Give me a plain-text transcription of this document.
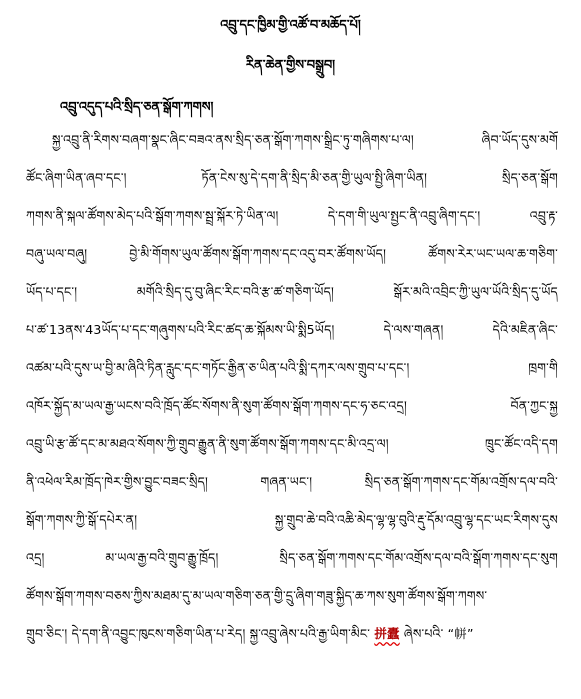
འབྲུ་དང་ཁྱིམ་གྱི་འཚོ་བ་མཆོད་པོ།
རིན་ཆེན་གྱིས་བསྒྲུབ།
འབྲུ་འདུད་པའི་སྲིད་ཅན་སྒོག་ཀགས།
སྐྱ་འབྲུ་ནི་རིགས་བཞག་སྣང་ཞིང་བཟའ་ནས་སྲིད་ཅན་སྒོག་ཀགས་སྒྲིང་ཏུ་གཞིགས་པ་ལ། ཞིབ་ཡོད་དུས་མགོ
ཚོང་ཞིག་ཡིན་ཞབ་དང་། ཏོན་ངེས་སུ་དེ་དག་ནི་སྲིད་མི་ཅན་གྱི་ཡུལ་སྤྱི་ཞིག་ཡིན། སྲིད་ཅན་སྒོག
ཀགས་ནི་སྐལ་ཚོགས་མེད་པའི་སྒོག་ཀགས་སྦྲ་སྐོར་ཏེ་ཡིན་ལ། དེ་དག་གི་ཡུལ་སྤྱང་ནི་འབྲུ་ཞིག་དང་། འབྲུ་རྟ་
བཞུ་ཡལ་བཞུ། བྱེ་མི་གོགས་ཡུལ་ཚོགས་སྒོག་ཀགས་དང་འདུ་བར་ཚོགས་ཡོད། ཚོགས་རེར་ཡང་ཡལ་ཆ་གཅིག་
ཡོད་པ་དང་། མགོའི་སྲིད་དུ་བུ་ཞིང་རིང་བའི་རྩ་ཚ་གཅིག་ཡོད། སྒོར་མའི་འབྲིང་ཀྱི་ཡུལ་ཡོའི་སྲིད་དུ་ཡོད
པ་ཚ་13ནས་43ཡོད་པ་དང་གཞུགས་པའི་རིང་ཚད་ཆ་སྐོམས་ཡི་སྨི5ཡོད། དེ་ལས་གཞན། དེའི་མཇིན་ཞིང་
འཚམ་པའི་དུས་ཡ་བྱི་མ་ཞིའི་ཏིན་རླུང་དང་གཏོང་རྒྱིན་ཅ་ཡིན་པའི་སྨི་དཀར་ལས་གྲུབ་པ་དང་། ཁྲག་གི
འཁོར་སྐྱོད་མ་ཡལ་རྒྱ་ཡངས་བའི་ཁྲོད་ཚོང་སོགས་ནི་སུག་ཚོགས་སྒོག་ཀགས་དང་ཧ་ཅང་འདྲ། བོན་ཀྱང་སྐྱ
འབྲུ་ཡི་རྩ་ཚོ་དང་མ་མཐའ་སོགས་ཀྱི་གྲུབ་རྒྱུན་ནི་སུག་ཚོགས་སྒོག་ཀགས་དང་མི་འདྲ་ལ། ཁྲུང་ཚོང་འདི་དག
ནི་འཕེལ་རིམ་ཁྲོད་ཁེར་གྱིས་བྱུང་བཟང་སྲིད། གཞན་ཡང་། སྲིད་ཅན་སྒོག་ཀགས་དང་གོམ་འགྲོས་དལ་བའི་
སྒོག་ཀགས་ཀྱི་སྒོ་དཔེར་ན། སྐྱ་གྲུབ་ཆེ་བའི་འཆི་མེད་ལྷ་ལྷ་བུའི་རྡུ་དོམ་འབྲུ་ལྷ་དང་ཡང་རིགས་དུས
འདྲ། མ་ཡལ་རྒྱ་བའི་གྲུབ་རྒྱུ་ཁྲོད། སྲིད་ཅན་སྒོག་ཀགས་དང་གོམ་འགྲོས་དལ་བའི་སྒོག་ཀགས་དང་སུག
ཚོགས་སྒོག་ཀགས་བཅས་ཀྱིས་མཐམ་དུ་མ་ཡལ་གཅིག་ཅན་གྱི་དྲུ་ཞིག་གཟུ་སྐྱིད་ཆ་ཀས་སུག་ཚོགས་སྒོག་ཀགས་
གྲུབ་ཅིང་། དེ་དག་ནི་འབྱུང་ཁུངས་གཅིག་ཡིན་པ་རེད། སྐྱ་འབྲུ་ཞེས་པའི་རྒྱ་ཡིག་མིང་ 拼蠹 ཞེས་པའི་ “帡”
